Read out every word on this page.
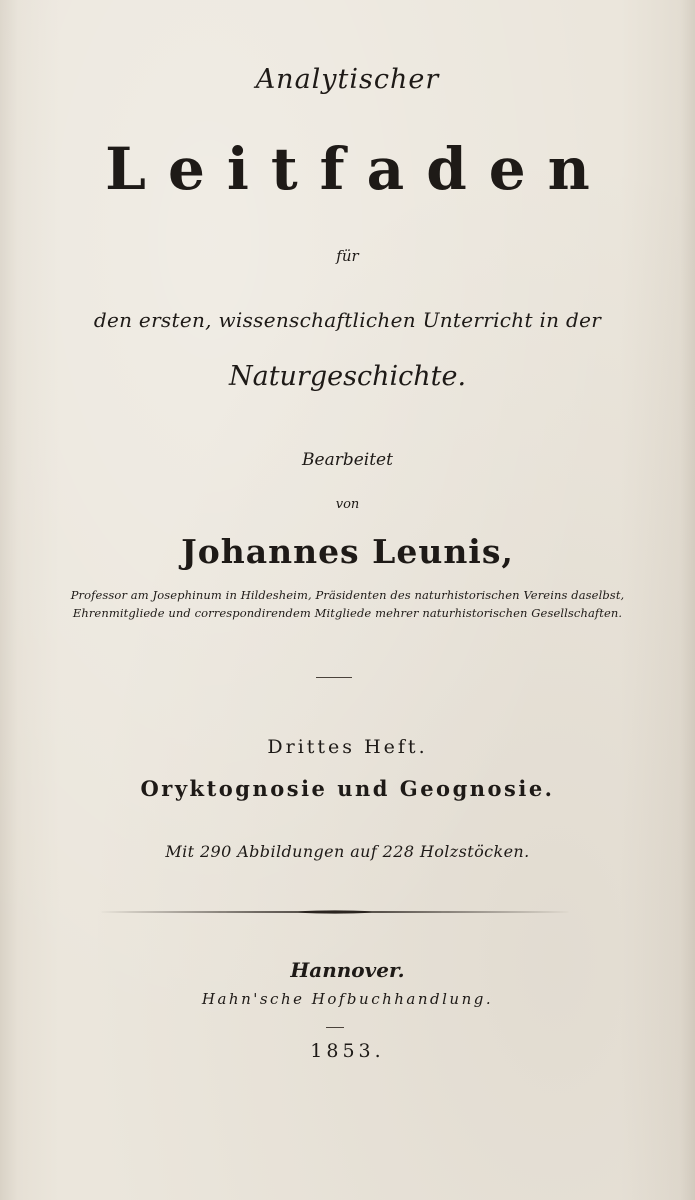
Analytischer
Leitfaden
für
den ersten, wissenschaftlichen Unterricht in der
Naturgeschichte.
Bearbeitet
von
Johannes Leunis,
Professor am Josephinum in Hildesheim, Präsidenten des naturhistorischen Vereins daselbst,
Ehrenmitgliede und correspondirendem Mitgliede mehrer naturhistorischen Gesellschaften.
Drittes Heft.
Oryktognosie und Geognosie.
Mit 290 Abbildungen auf 228 Holzstöcken.
Hannover.
Hahn'sche Hofbuchhandlung.
1853.
